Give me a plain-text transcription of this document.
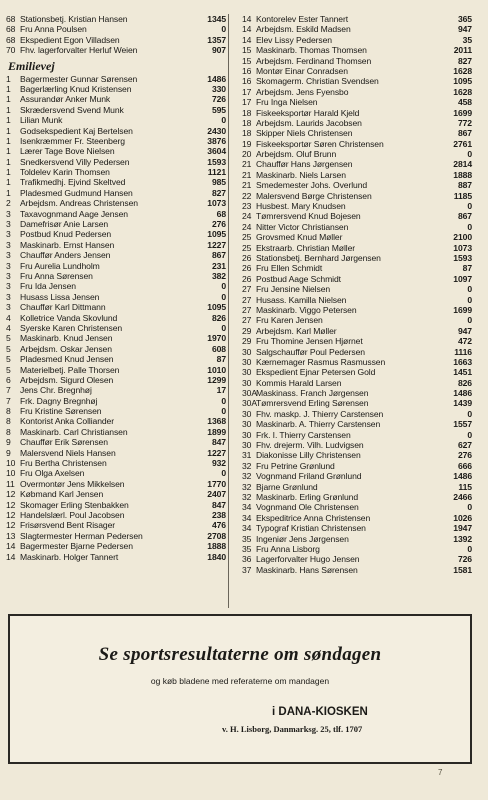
68 Stationsbetj. Kristian Hansen	1345
68 Fru Anna Poulsen	0
68 Ekspedient Egon Villadsen	1357
70 Fhv. lagerforvalter Herluf Weien	907
Emilievej
1	Bagermester Gunnar Sørensen	1486
1	Bagerlærling Knud Kristensen	330
1	Assurandør Anker Munk	726
1	Skrædersvend Svend Munk	595
1	Lilian Munk	0
1	Godsekspedient Kaj Bertelsen	2430
1	Isenkræmmer Fr. Steenberg	3876
1	Lærer Tage Bove Nielsen	3604
1	Snedkersvend Villy Pedersen	1593
1	Toldelev Karin Thomsen	1121
1	Trafikmedhj. Ejvind Skeltved	985
1	Pladesmed Gudmund Hansen	827
2	Arbejdsm. Andreas Christensen	1073
3	Taxavognmand Aage Jensen	68
3	Damefrisør Anie Larsen	276
3	Postbud Knud Pedersen	1095
3	Maskinarb. Ernst Hansen	1227
3	Chauffør Anders Jensen	867
3	Fru Aurelia Lundholm	231
3	Fru Anna Sørensen	382
3	Fru Ida Jensen	0
3	Husass Lissa Jensen	0
3	Chauffør Karl Dittmann	1095
4	Kolletrice Vanda Skovlund	826
4	Syerske Karen Christensen	0
5	Maskinarb. Knud Jensen	1970
5	Arbejdsm. Oskar Jensen	608
5	Pladesmed Knud Jensen	87
5	Materielbetj. Palle Thorsen	1010
6	Arbejdsm. Sigurd Olesen	1299
7	Jens Chr. Bregnhøj	17
7	Frk. Dagny Bregnhøj	0
8	Fru Kristine Sørensen	0
8	Kontorist Anka Colliander	1368
8	Maskinarb. Carl Christiansen	1899
9	Chauffør Erik Sørensen	847
9	Malersvend Niels Hansen	1227
10 Fru Bertha Christensen	932
10 Fru Olga Axelsen	0
11 Overmontør Jens Mikkelsen	1770
12 Købmand Karl Jensen	2407
12 Skomager Erling Stenbakken	847
12 Handelslærl. Poul Jacobsen	238
12 Frisørsvend Bent Risager	476
13 Slagtermester Herman Pedersen	2708
14 Bagermester Bjarne Pedersen	1888
14 Maskinarb. Holger Tannert	1840
14 Kontorelev Ester Tannert	365
14 Arbejdsm. Eskild Madsen	947
14 Elev Lissy Pedersen	35
15 Maskinarb. Thomas Thomsen	2011
15 Arbejdsm. Ferdinand Thomsen	827
16 Montør Einar Conradsen	1628
16 Skomagerm. Christian Svendsen	1095
17 Arbejdsm. Jens Fyensbo	1628
17 Fru Inga Nielsen	458
18 Fiskeeksportør Harald Kjeld	1699
18 Arbejdsm. Laurids Jacobsen	772
18 Skipper Niels Christensen	867
19 Fiskeeksportør Søren Christensen	2761
20 Arbejdsm. Oluf Brunn	0
21 Chauffør Hans Jørgensen	2814
21 Maskinarb. Niels Larsen	1888
21 Smedemester Johs. Overlund	887
22 Malersvend Børge Christensen	1185
23 Husbest. Mary Knudsen	0
24 Tømrersvend Knud Bojesen	867
24 Nitter Victor Christiansen	0
25 Grovsmed Knud Møller	2100
25 Ekstraarb. Christian Møller	1073
26 Stationsbetj. Bernhard Jørgensen	1593
26 Fru Ellen Schmidt	87
26 Postbud Aage Schmidt	1097
27 Fru Jensine Nielsen	0
27 Husass. Kamilla Nielsen	0
27 Maskinarb. Viggo Petersen	1699
27 Fru Karen Jensen	0
29 Arbejdsm. Karl Møller	947
29 Fru Thomine Jensen Hjørnet	472
30 Salgschauffør Poul Pedersen	1116
30 Kærnemager Rasmus Rasmussen	1663
30 Ekspedient Ejnar Petersen Gold	1451
30 Kommis Harald Larsen	826
30A Maskinass. Franch Jørgensen	1486
30A Tømrersvend Erling Sørensen	1439
30 Fhv. maskp. J. Thierry Carstensen	0
30 Maskinarb. A. Thierry Carstensen	1557
30 Frk. I. Thierry Carstensen	0
30 Fhv. drejerm. Vilh. Ludvigsen	627
31 Diakonisse Lilly Christensen	276
32 Fru Petrine Grønlund	666
32 Vognmand Friland Grønlund	1486
32 Bjarne Grønlund	115
32 Maskinarb. Erling Grønlund	2466
34 Vognmand Ole Christensen	0
34 Ekspeditrice Anna Christensen	1026
34 Typograf Kristian Christensen	1947
35 Ingeniør Jens Jørgensen	1392
35 Fru Anna Lisborg	0
36 Lagerforvalter Hugo Jensen	726
37 Maskinarb. Hans Sørensen	1581
Se sportsresultaterne om søndagen
og køb bladene med referaterne om mandagen
i DANA-KIOSKEN
v. H. Lisborg, Danmarksg. 25, tlf. 1707
7
